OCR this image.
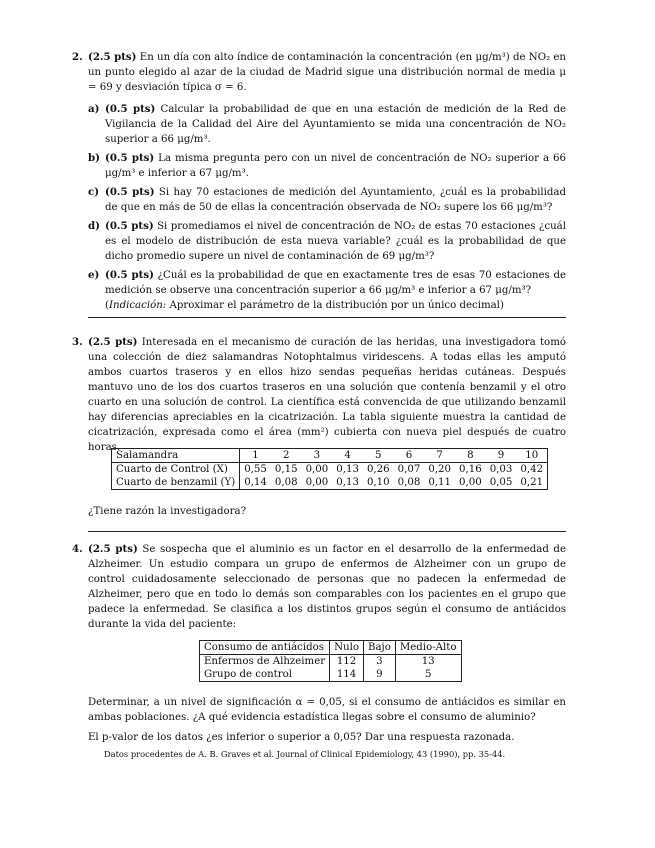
2. (2.5 pts) En un día con alto índice de contaminación la concentración (en μg/m³) de NO₂ en un punto elegido al azar de la ciudad de Madrid sigue una distribución normal de media μ = 69 y desviación típica σ = 6.

a) (0.5 pts) Calcular la probabilidad de que en una estación de medición de la Red de Vigilancia de la Calidad del Aire del Ayuntamiento se mida una concentración de NO₂ superior a 66 μg/m³.
b) (0.5 pts) La misma pregunta pero con un nivel de concentración de NO₂ superior a 66 μg/m³ e inferior a 67 μg/m³.
c) (0.5 pts) Si hay 70 estaciones de medición del Ayuntamiento, ¿cuál es la probabilidad de que en más de 50 de ellas la concentración observada de NO₂ supere los 66 μg/m³?
d) (0.5 pts) Si promediamos el nivel de concentración de NO₂ de estas 70 estaciones ¿cuál es el modelo de distribución de esta nueva variable? ¿cuál es la probabilidad de que dicho promedio supere un nivel de contaminación de 69 μg/m³?
e) (0.5 pts) ¿Cuál es la probabilidad de que en exactamente tres de esas 70 estaciones de medición se observe una concentración superior a 66 μg/m³ e inferior a 67 μg/m³?
(Indicación: Aproximar el parámetro de la distribución por un único decimal)
3. (2.5 pts) Interesada en el mecanismo de curación de las heridas, una investigadora tomó una colección de diez salamandras Notophtalmus viridescens. A todas ellas les amputó ambos cuartos traseros y en ellos hizo sendas pequeñas heridas cutáneas. Después mantuvo uno de los dos cuartos traseros en una solución que contenía benzamil y el otro cuarto en una solución de control. La científica está convencida de que utilizando benzamil hay diferencias apreciables en la cicatrización. La tabla siguiente muestra la cantidad de cicatrización, expresada como el área (mm²) cubierta con nueva piel después de cuatro horas.

Salamandra	1	2	3	4	5	6	7	8	9	10
Cuarto de Control (X)	0,55	0,15	0,00	0,13	0,26	0,07	0,20	0,16	0,03	0,42
Cuarto de benzamil (Y)	0,14	0,08	0,00	0,13	0,10	0,08	0,11	0,00	0,05	0,21
¿Tiene razón la investigadora?
4. (2.5 pts) Se sospecha que el aluminio es un factor en el desarrollo de la enfermedad de Alzheimer. Un estudio compara un grupo de enfermos de Alzheimer con un grupo de control cuidadosamente seleccionado de personas que no padecen la enfermedad de Alzheimer, pero que en todo lo demás son comparables con los pacientes en el grupo que padece la enfermedad. Se clasifica a los distintos grupos según el consumo de antiácidos durante la vida del paciente:

Consumo de antiácidos	Nulo	Bajo	Medio-Alto
Enfermos de Alhzeimer	112	3	13
Grupo de control	114	9	5

Determinar, a un nivel de significación α = 0,05, si el consumo de antiácidos es similar en ambas poblaciones. ¿A qué evidencia estadística llegas sobre el consumo de aluminio?

El p-valor de los datos ¿es inferior o superior a 0,05? Dar una respuesta razonada.

Datos procedentes de A. B. Graves et al. Journal of Clinical Epidemiology, 43 (1990), pp. 35-44.
